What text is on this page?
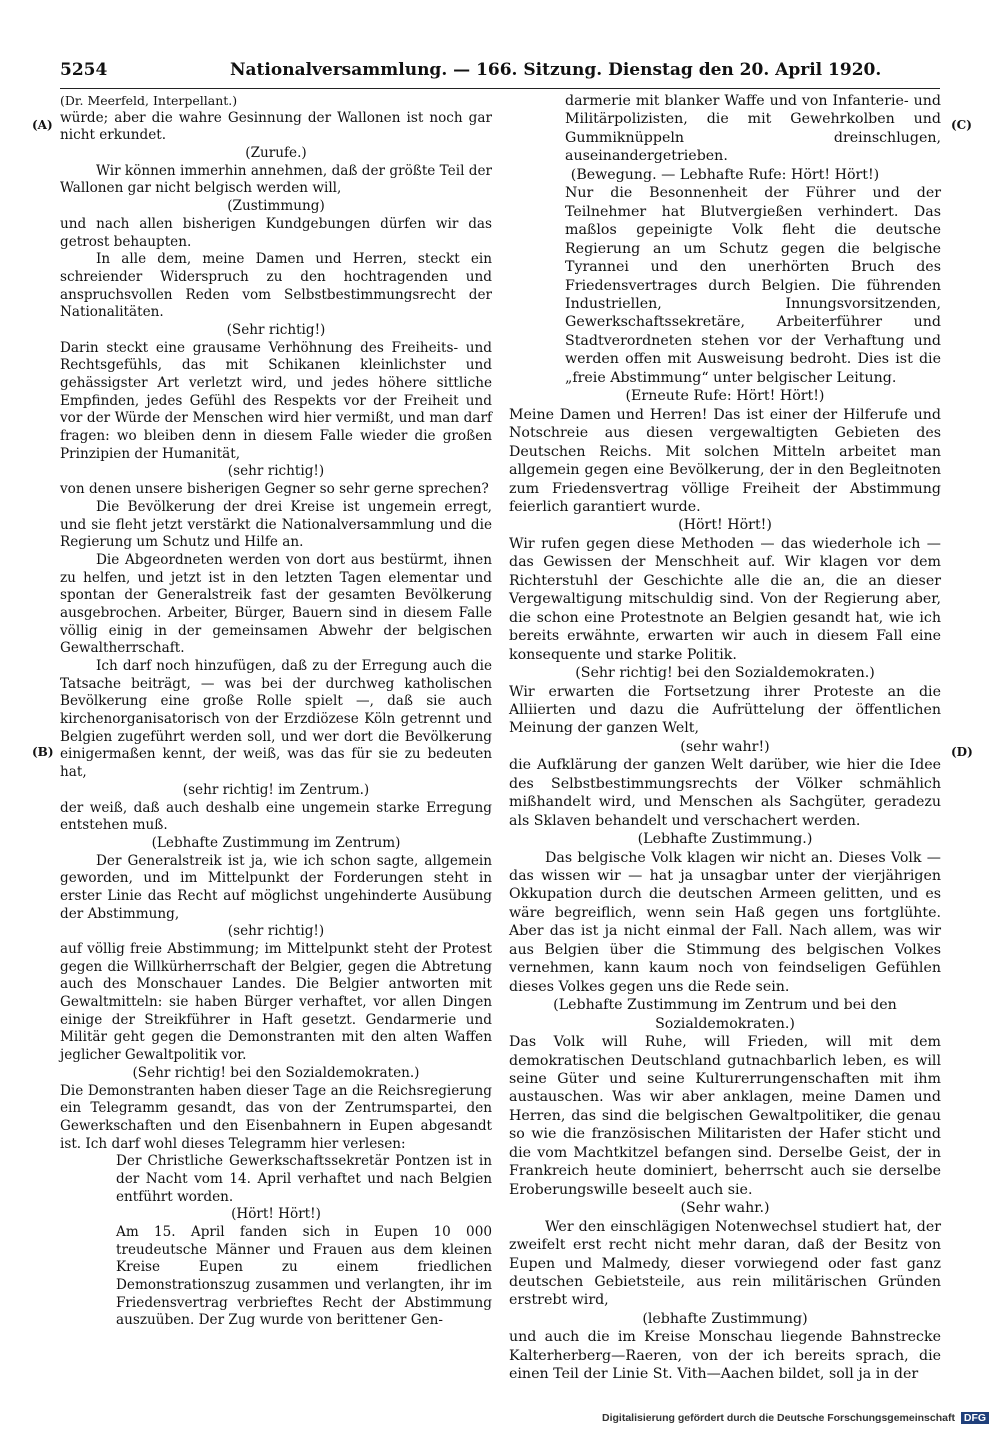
5254	Nationalversammlung. — 166. Sitzung. Dienstag den 20. April 1920.
(A)
(B)
(C)
(D)

(Dr. Meerfeld, Interpellant.)

würde; aber die wahre Gesinnung der Wallonen ist noch gar nicht erkundet.

(Zurufe.)

Wir können immerhin annehmen, daß der größte Teil der Wallonen gar nicht belgisch werden will,

(Zustimmung)

und nach allen bisherigen Kundgebungen dürfen wir das getrost behaupten.

In alle dem, meine Damen und Herren, steckt ein schreiender Widerspruch zu den hochtragenden und anspruchsvollen Reden vom Selbstbestimmungsrecht der Nationalitäten.

(Sehr richtig!)

Darin steckt eine grausame Verhöhnung des Freiheits- und Rechtsgefühls, das mit Schikanen kleinlichster und gehässigster Art verletzt wird, und jedes höhere sittliche Empfinden, jedes Gefühl des Respekts vor der Freiheit und vor der Würde der Menschen wird hier vermißt, und man darf fragen: wo bleiben denn in diesem Falle wieder die großen Prinzipien der Humanität,

(sehr richtig!)

von denen unsere bisherigen Gegner so sehr gerne sprechen?

Die Bevölkerung der drei Kreise ist ungemein erregt, und sie fleht jetzt verstärkt die Nationalversammlung und die Regierung um Schutz und Hilfe an.

Die Abgeordneten werden von dort aus bestürmt, ihnen zu helfen, und jetzt ist in den letzten Tagen elementar und spontan der Generalstreik fast der gesamten Bevölkerung ausgebrochen. Arbeiter, Bürger, Bauern sind in diesem Falle völlig einig in der gemeinsamen Abwehr der belgischen Gewaltherrschaft.

Ich darf noch hinzufügen, daß zu der Erregung auch die Tatsache beiträgt, — was bei der durchweg katholischen Bevölkerung eine große Rolle spielt —, daß sie auch kirchenorganisatorisch von der Erzdiözese Köln getrennt und Belgien zugeführt werden soll, und wer dort die Bevölkerung einigermaßen kennt, der weiß, was das für sie zu bedeuten hat,

(sehr richtig! im Zentrum.)

der weiß, daß auch deshalb eine ungemein starke Erregung entstehen muß.

(Lebhafte Zustimmung im Zentrum)

Der Generalstreik ist ja, wie ich schon sagte, allgemein geworden, und im Mittelpunkt der Forderungen steht in erster Linie das Recht auf möglichst ungehinderte Ausübung der Abstimmung,

(sehr richtig!)

auf völlig freie Abstimmung; im Mittelpunkt steht der Protest gegen die Willkürherrschaft der Belgier, gegen die Abtretung auch des Monschauer Landes. Die Belgier antworten mit Gewaltmitteln: sie haben Bürger verhaftet, vor allen Dingen einige der Streikführer in Haft gesetzt. Gendarmerie und Militär geht gegen die Demonstranten mit den alten Waffen jeglicher Gewaltpolitik vor.

(Sehr richtig! bei den Sozialdemokraten.)

Die Demonstranten haben dieser Tage an die Reichsregierung ein Telegramm gesandt, das von der Zentrumspartei, den Gewerkschaften und den Eisenbahnern in Eupen abgesandt ist. Ich darf wohl dieses Telegramm hier verlesen:

Der Christliche Gewerkschaftssekretär Pontzen ist in der Nacht vom 14. April verhaftet und nach Belgien entführt worden.

(Hört! Hört!)

Am 15. April fanden sich in Eupen 10 000 treudeutsche Männer und Frauen aus dem kleinen Kreise Eupen zu einem friedlichen Demonstrationszug zusammen und verlangten, ihr im Friedensvertrag verbrieftes Recht der Abstimmung auszuüben. Der Zug wurde von berittener Gen-

darmerie mit blanker Waffe und von Infanterie- und Militärpolizisten, die mit Gewehrkolben und Gummiknüppeln dreinschlugen, auseinandergetrieben.

(Bewegung. — Lebhafte Rufe: Hört! Hört!)

Nur die Besonnenheit der Führer und der Teilnehmer hat Blutvergießen verhindert. Das maßlos gepeinigte Volk fleht die deutsche Regierung an um Schutz gegen die belgische Tyrannei und den unerhörten Bruch des Friedensvertrages durch Belgien. Die führenden Industriellen, Innungsvorsitzenden, Gewerkschaftssekretäre, Arbeiterführer und Stadtverordneten stehen vor der Verhaftung und werden offen mit Ausweisung bedroht. Dies ist die „freie Abstimmung“ unter belgischer Leitung.

(Erneute Rufe: Hört! Hört!)

Meine Damen und Herren! Das ist einer der Hilferufe und Notschreie aus diesen vergewaltigten Gebieten des Deutschen Reichs. Mit solchen Mitteln arbeitet man allgemein gegen eine Bevölkerung, der in den Begleitnoten zum Friedensvertrag völlige Freiheit der Abstimmung feierlich garantiert wurde.

(Hört! Hört!)

Wir rufen gegen diese Methoden — das wiederhole ich — das Gewissen der Menschheit auf. Wir klagen vor dem Richterstuhl der Geschichte alle die an, die an dieser Vergewaltigung mitschuldig sind. Von der Regierung aber, die schon eine Protestnote an Belgien gesandt hat, wie ich bereits erwähnte, erwarten wir auch in diesem Fall eine konsequente und starke Politik.

(Sehr richtig! bei den Sozialdemokraten.)

Wir erwarten die Fortsetzung ihrer Proteste an die Alliierten und dazu die Aufrüttelung der öffentlichen Meinung der ganzen Welt,

(sehr wahr!)

die Aufklärung der ganzen Welt darüber, wie hier die Idee des Selbstbestimmungsrechts der Völker schmählich mißhandelt wird, und Menschen als Sachgüter, geradezu als Sklaven behandelt und verschachert werden.

(Lebhafte Zustimmung.)

Das belgische Volk klagen wir nicht an. Dieses Volk — das wissen wir — hat ja unsagbar unter der vierjährigen Okkupation durch die deutschen Armeen gelitten, und es wäre begreiflich, wenn sein Haß gegen uns fortglühte. Aber das ist ja nicht einmal der Fall. Nach allem, was wir aus Belgien über die Stimmung des belgischen Volkes vernehmen, kann kaum noch von feindseligen Gefühlen dieses Volkes gegen uns die Rede sein.

(Lebhafte Zustimmung im Zentrum und bei den Sozialdemokraten.)

Das Volk will Ruhe, will Frieden, will mit dem demokratischen Deutschland gutnachbarlich leben, es will seine Güter und seine Kulturerrungenschaften mit ihm austauschen. Was wir aber anklagen, meine Damen und Herren, das sind die belgischen Gewaltpolitiker, die genau so wie die französischen Militaristen der Hafer sticht und die vom Machtkitzel befangen sind. Derselbe Geist, der in Frankreich heute dominiert, beherrscht auch sie derselbe Eroberungswille beseelt auch sie.

(Sehr wahr.)

Wer den einschlägigen Notenwechsel studiert hat, der zweifelt erst recht nicht mehr daran, daß der Besitz von Eupen und Malmedy, dieser vorwiegend oder fast ganz deutschen Gebietsteile, aus rein militärischen Gründen erstrebt wird,

(lebhafte Zustimmung)

und auch die im Kreise Monschau liegende Bahnstrecke Kalterherberg—Raeren, von der ich bereits sprach, die einen Teil der Linie St. Vith—Aachen bildet, soll ja in der

Digitalisierung gefördert durch die Deutsche Forschungsgemeinschaft DFG
